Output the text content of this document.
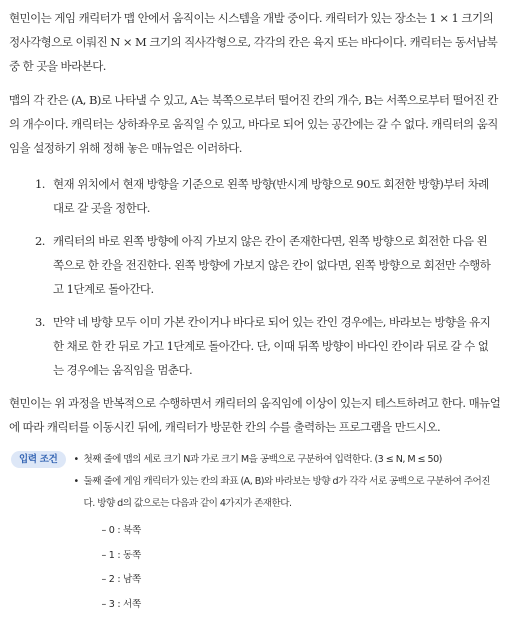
현민이는 게임 캐릭터가 맵 안에서 움직이는 시스템을 개발 중이다. 캐릭터가 있는 장소는 1 × 1 크기의 정사각형으로 이뤄진 N × M 크기의 직사각형으로, 각각의 칸은 육지 또는 바다이다. 캐릭터는 동서남북 중 한 곳을 바라본다.

맵의 각 칸은 (A, B)로 나타낼 수 있고, A는 북쪽으로부터 떨어진 칸의 개수, B는 서쪽으로부터 떨어진 칸의 개수이다. 캐릭터는 상하좌우로 움직일 수 있고, 바다로 되어 있는 공간에는 갈 수 없다. 캐릭터의 움직임을 설정하기 위해 정해 놓은 매뉴얼은 이러하다.

1. 현재 위치에서 현재 방향을 기준으로 왼쪽 방향(반시계 방향으로 90도 회전한 방향)부터 차례대로 갈 곳을 정한다.
2. 캐릭터의 바로 왼쪽 방향에 아직 가보지 않은 칸이 존재한다면, 왼쪽 방향으로 회전한 다음 왼쪽으로 한 칸을 전진한다. 왼쪽 방향에 가보지 않은 칸이 없다면, 왼쪽 방향으로 회전만 수행하고 1단계로 돌아간다.
3. 만약 네 방향 모두 이미 가본 칸이거나 바다로 되어 있는 칸인 경우에는, 바라보는 방향을 유지한 채로 한 칸 뒤로 가고 1단계로 돌아간다. 단, 이때 뒤쪽 방향이 바다인 칸이라 뒤로 갈 수 없는 경우에는 움직임을 멈춘다.

현민이는 위 과정을 반복적으로 수행하면서 캐릭터의 움직임에 이상이 있는지 테스트하려고 한다. 매뉴얼에 따라 캐릭터를 이동시킨 뒤에, 캐릭터가 방문한 칸의 수를 출력하는 프로그램을 만드시오.

입력 조건	• 첫째 줄에 맵의 세로 크기 N과 가로 크기 M을 공백으로 구분하여 입력한다. (3 ≤ N, M ≤ 50)
• 둘째 줄에 게임 캐릭터가 있는 칸의 좌표 (A, B)와 바라보는 방향 d가 각각 서로 공백으로 구분하여 주어진다. 방향 d의 값으로는 다음과 같이 4가지가 존재한다.
– 0 : 북쪽
– 1 : 동쪽
– 2 : 남쪽
– 3 : 서쪽
